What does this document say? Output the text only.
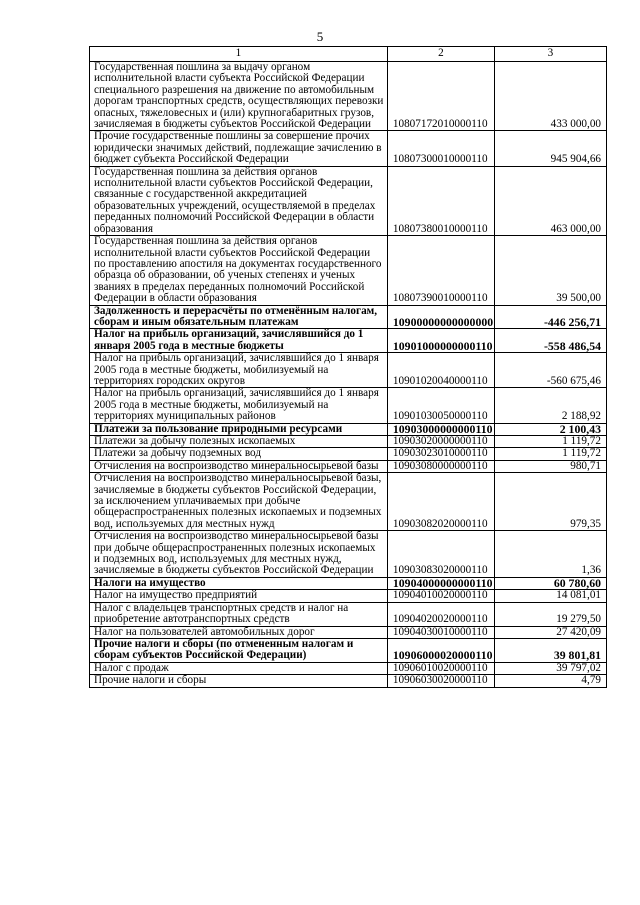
5
1	2	3
Государственная пошлина за выдачу органом исполнительной власти субъекта Российской Федерации специального разрешения на движение по автомобильным дорогам транспортных средств, осуществляющих перевозки опасных, тяжеловесных и (или) крупногабаритных грузов, зачисляемая в бюджеты субъектов Российской Федерации	10807172010000110	433 000,00
Прочие государственные пошлины за совершение прочих юридически значимых действий, подлежащие зачислению в бюджет субъекта Российской Федерации	10807300010000110	945 904,66
Государственная пошлина за действия органов исполнительной власти субъектов Российской Федерации, связанные с государственной аккредитацией образовательных учреждений, осуществляемой в пределах переданных полномочий Российской Федерации в области образования	10807380010000110	463 000,00
Государственная пошлина за действия органов исполнительной власти субъектов Российской Федерации по проставлению апостиля на документах государственного образца об образовании, об ученых степенях и ученых званиях в пределах переданных полномочий Российской Федерации в области образования	10807390010000110	39 500,00
Задолженность и перерасчёты по отменённым налогам, сборам и иным обязательным платежам	10900000000000000	-446 256,71
Налог на прибыль организаций, зачислявшийся до 1 января 2005 года в местные бюджеты	10901000000000110	-558 486,54
Налог на прибыль организаций, зачислявшийся до 1 января 2005 года в местные бюджеты, мобилизуемый на территориях городских округов	10901020040000110	-560 675,46
Налог на прибыль организаций, зачислявшийся до 1 января 2005 года в местные бюджеты, мобилизуемый на территориях муниципальных районов	10901030050000110	2 188,92
Платежи за пользование природными ресурсами	10903000000000110	2 100,43
Платежи за добычу полезных ископаемых	10903020000000110	1 119,72
Платежи за добычу подземных вод	10903023010000110	1 119,72
Отчисления на воспроизводство минеральносырьевой базы	10903080000000110	980,71
Отчисления на воспроизводство минеральносырьевой базы, зачисляемые в бюджеты субъектов Российской Федерации, за исключением уплачиваемых при добыче общераспространенных полезных ископаемых и подземных вод, используемых для местных нужд	10903082020000110	979,35
Отчисления на воспроизводство минеральносырьевой базы при добыче общераспространенных полезных ископаемых и подземных вод, используемых для местных нужд, зачисляемые в бюджеты субъектов Российской Федерации	10903083020000110	1,36
Налоги на имущество	10904000000000110	60 780,60
Налог на имущество предприятий	10904010020000110	14 081,01
Налог с владельцев транспортных средств и налог на приобретение автотранспортных средств	10904020020000110	19 279,50
Налог на пользователей автомобильных дорог	10904030010000110	27 420,09
Прочие налоги и сборы (по отмененным налогам и сборам субъектов Российской Федерации)	10906000020000110	39 801,81
Налог с продаж	10906010020000110	39 797,02
Прочие налоги и сборы	10906030020000110	4,79
